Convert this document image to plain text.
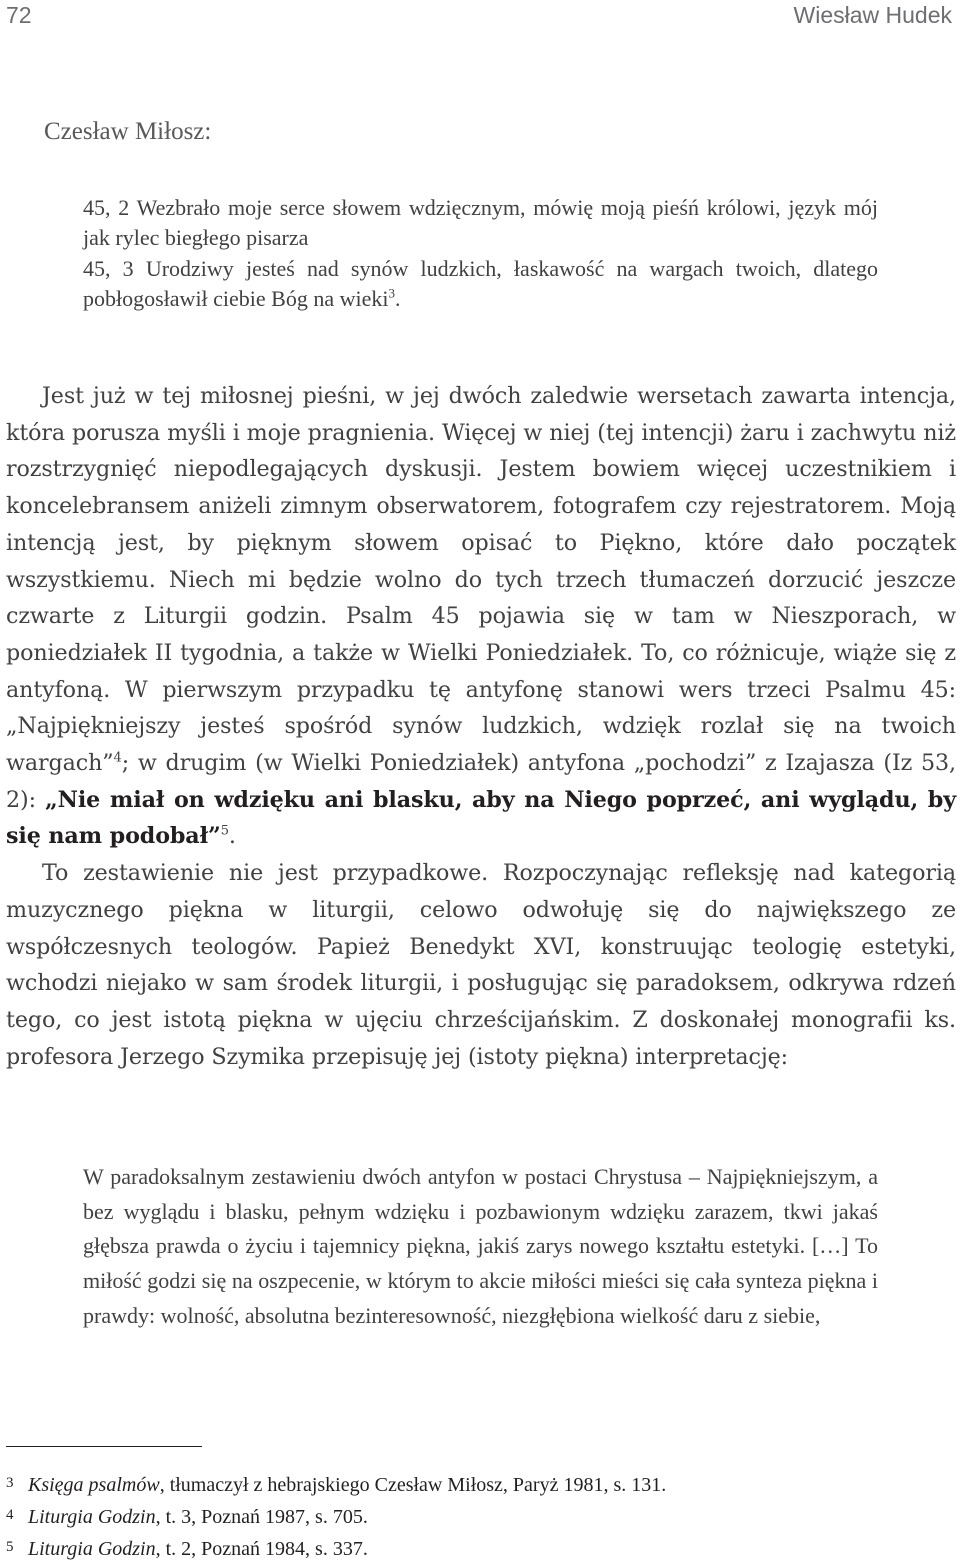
72	Wiesław Hudek
Czesław Miłosz:

45, 2 Wezbrało moje serce słowem wdzięcznym, mówię moją pieśń królowi, język mój jak rylec biegłego pisarza

45, 3 Urodziwy jesteś nad synów ludzkich, łaskawość na wargach twoich, dlatego pobłogosławił ciebie Bóg na wieki$^3$.

Jest już w tej miłosnej pieśni, w jej dwóch zaledwie wersetach zawarta intencja, która porusza myśli i moje pragnienia. Więcej w niej (tej intencji) żaru i zachwytu niż rozstrzygnięć niepodlegających dyskusji. Jestem bowiem więcej uczestnikiem i koncelebransem aniżeli zimnym obserwatorem, fotografem czy rejestratorem. Moją intencją jest, by pięknym słowem opisać to Piękno, które dało początek wszystkiemu. Niech mi będzie wolno do tych trzech tłumaczeń dorzucić jeszcze czwarte z Liturgii godzin. Psalm 45 pojawia się w tam w Nieszporach, w poniedziałek II tygodnia, a także w Wielki Poniedziałek. To, co różnicuje, wiąże się z antyfoną. W pierwszym przypadku tę antyfonę stanowi wers trzeci Psalmu 45: „Najpiękniejszy jesteś spośród synów ludzkich, wdzięk rozlał się na twoich wargach”$^4$; w drugim (w Wielki Poniedziałek) antyfona „pochodzi” z Izajasza (Iz 53, 2): „Nie miał on wdzięku ani blasku, aby na Niego poprzeć, ani wyglądu, by się nam podobał”$^5$.

To zestawienie nie jest przypadkowe. Rozpoczynając refleksję nad kategorią muzycznego piękna w liturgii, celowo odwołuję się do największego ze współczesnych teologów. Papież Benedykt XVI, konstruując teologię estetyki, wchodzi niejako w sam środek liturgii, i posługując się paradoksem, odkrywa rdzeń tego, co jest istotą piękna w ujęciu chrześcijańskim. Z doskonałej monografii ks. profesora Jerzego Szymika przepisuję jej (istoty piękna) interpretację:

W paradoksalnym zestawieniu dwóch antyfon w postaci Chrystusa – Najpiękniejszym, a bez wyglądu i blasku, pełnym wdzięku i pozbawionym wdzięku zarazem, tkwi jakaś głębsza prawda o życiu i tajemnicy piękna, jakiś zarys nowego kształtu estetyki. […] To miłość godzi się na oszpecenie, w którym to akcie miłości mieści się cała synteza piękna i prawdy: wolność, absolutna bezinteresowność, niezgłębiona wielkość daru z siebie,

3 Księga psalmów, tłumaczył z hebrajskiego Czesław Miłosz, Paryż 1981, s. 131.
4 Liturgia Godzin, t. 3, Poznań 1987, s. 705.
5 Liturgia Godzin, t. 2, Poznań 1984, s. 337.
